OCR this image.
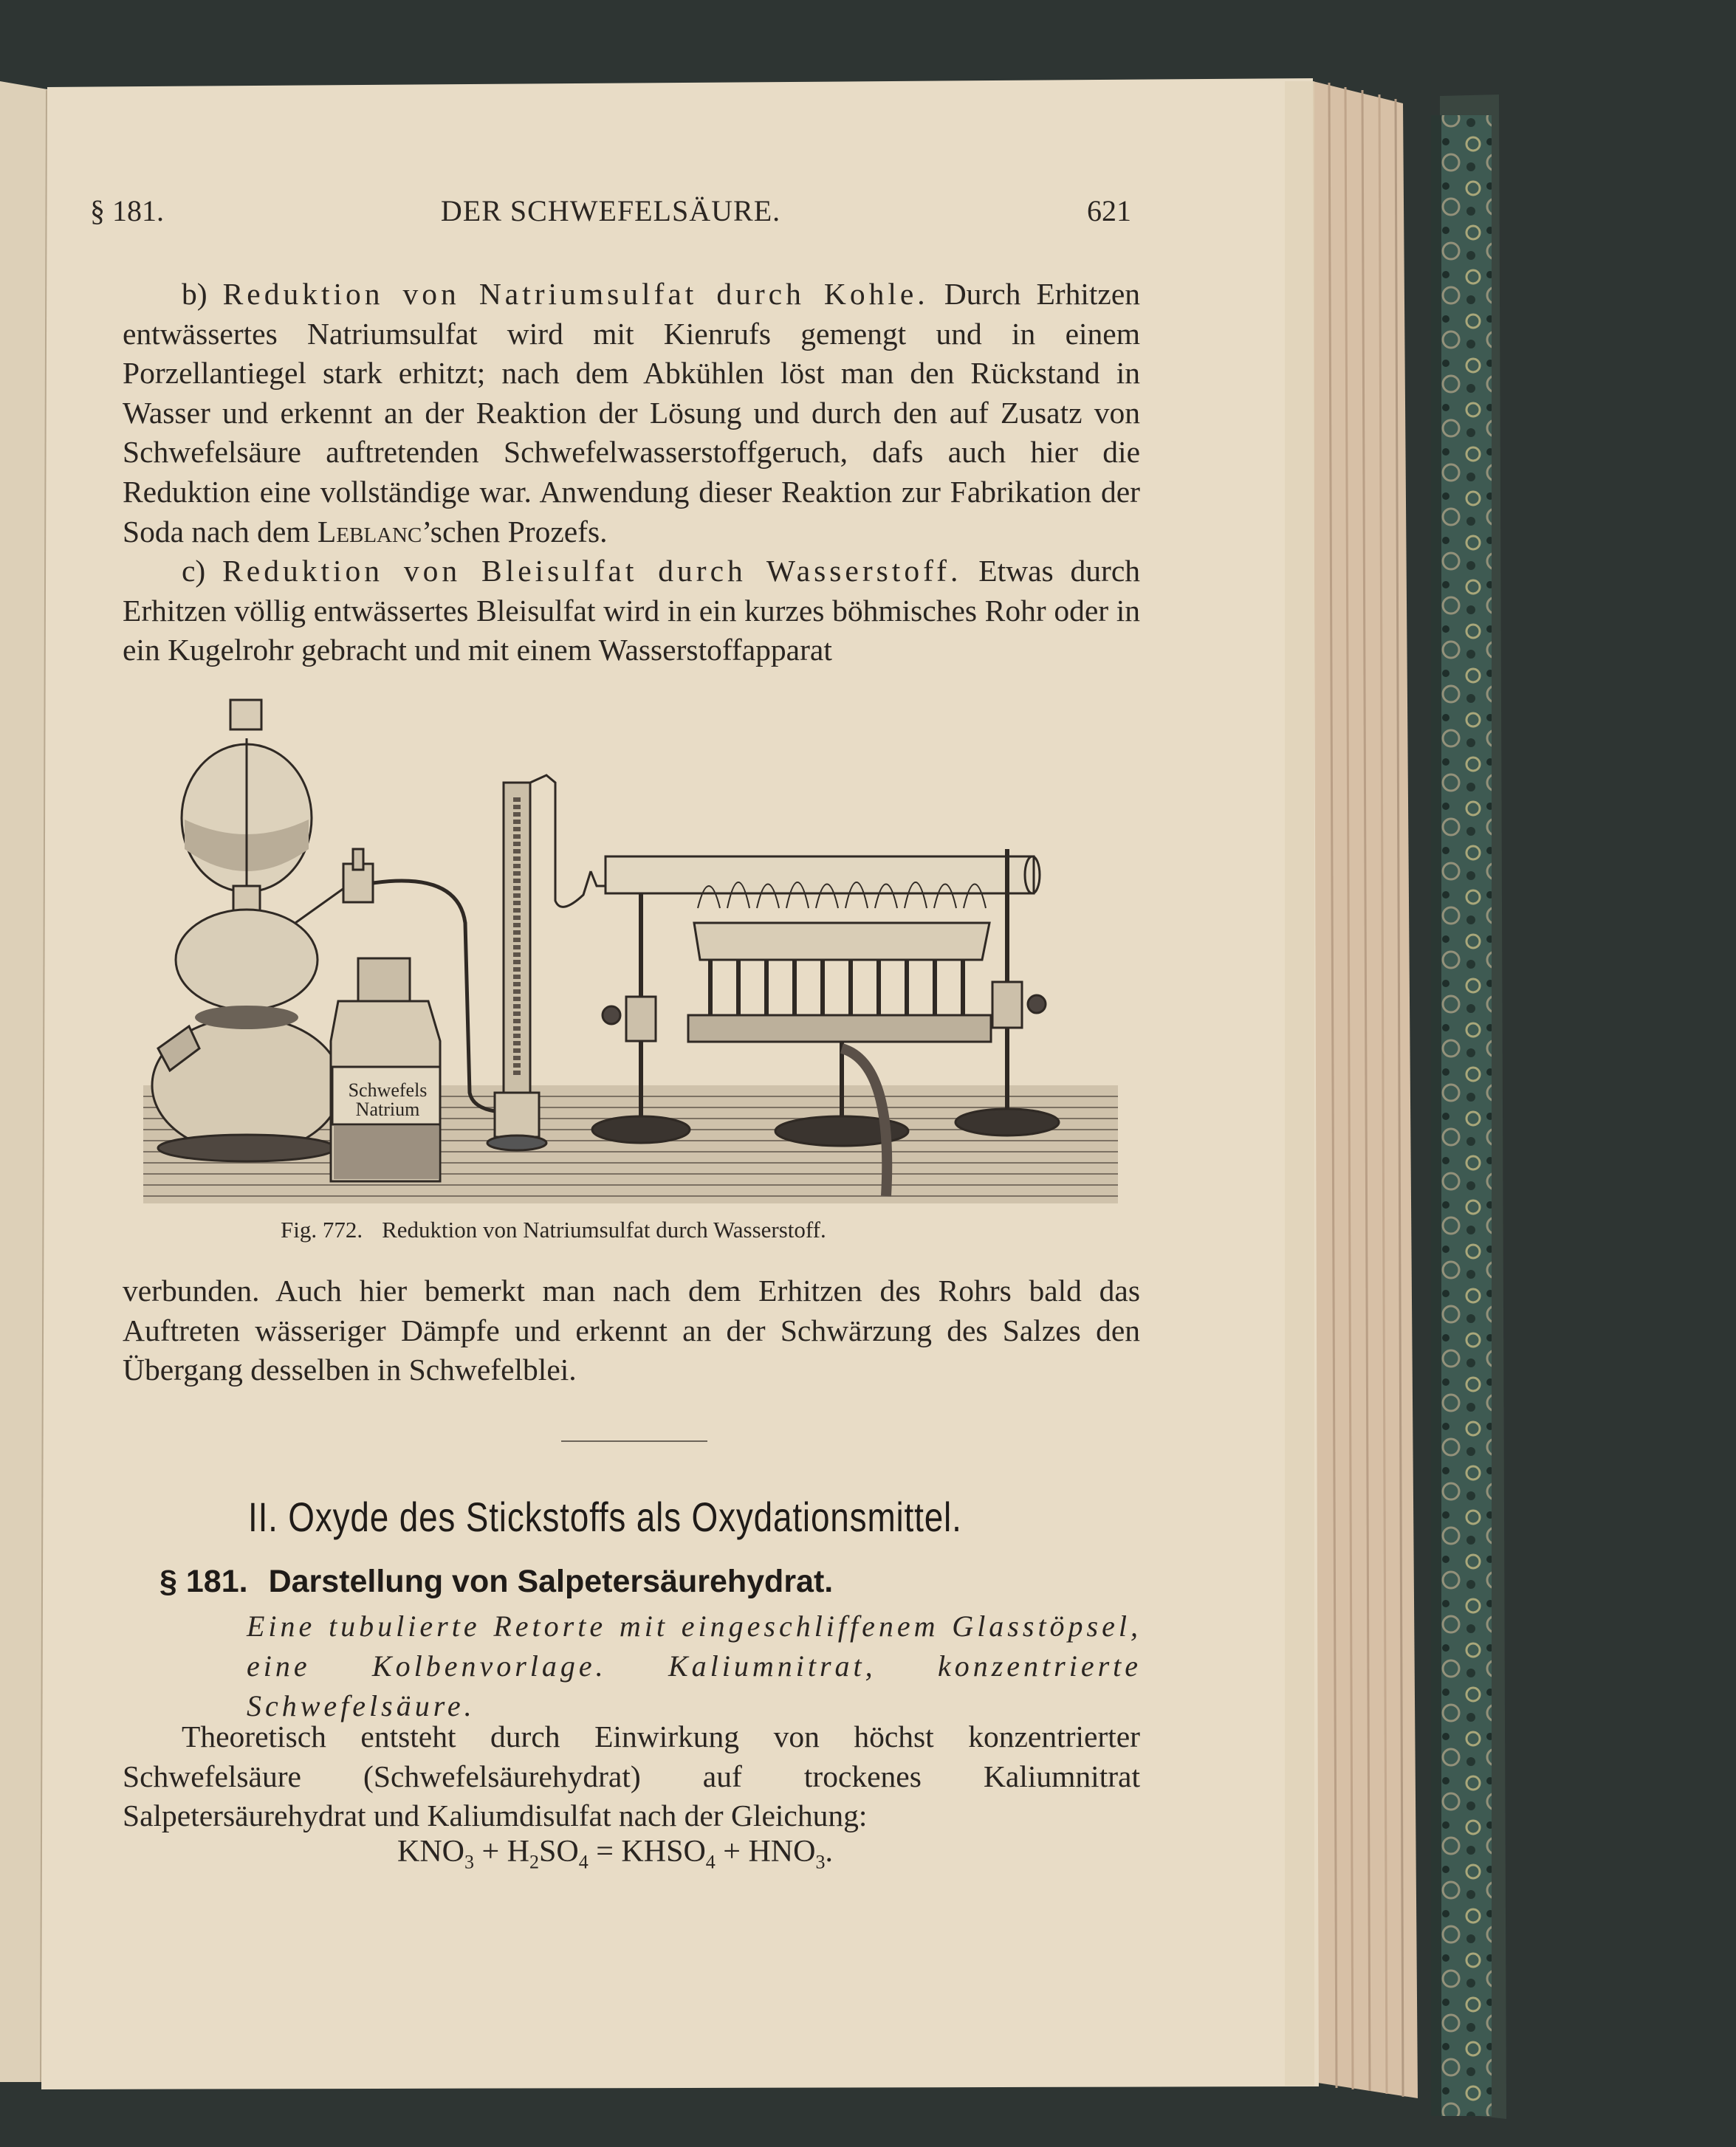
§ 181.	DER SCHWEFELSÄURE.	621

b) Reduktion von Natriumsulfat durch Kohle. Durch Erhitzen entwässertes Natriumsulfat wird mit Kienrufs gemengt und in einem Porzellantiegel stark erhitzt; nach dem Abkühlen löst man den Rückstand in Wasser und erkennt an der Reaktion der Lösung und durch den auf Zusatz von Schwefelsäure auftretenden Schwefelwasserstoffgeruch, dafs auch hier die Reduktion eine vollständige war. Anwendung dieser Reaktion zur Fabrikation der Soda nach dem Leblanc’schen Prozefs.

c) Reduktion von Bleisulfat durch Wasserstoff. Etwas durch Erhitzen völlig entwässertes Bleisulfat wird in ein kurzes böhmisches Rohr oder in ein Kugelrohr gebracht und mit einem Wasserstoffapparat

Schwefels
Natrium
Fig. 772. Reduktion von Natriumsulfat durch Wasserstoff.

verbunden. Auch hier bemerkt man nach dem Erhitzen des Rohrs bald das Auftreten wässeriger Dämpfe und erkennt an der Schwärzung des Salzes den Übergang desselben in Schwefelblei.

II. Oxyde des Stickstoffs als Oxydationsmittel.
§ 181. Darstellung von Salpetersäurehydrat.
Eine tubulierte Retorte mit eingeschliffenem Glasstöpsel, eine Kolbenvorlage. Kaliumnitrat, konzentrierte Schwefelsäure.

Theoretisch entsteht durch Einwirkung von höchst konzentrierter Schwefelsäure (Schwefelsäurehydrat) auf trockenes Kaliumnitrat Salpetersäurehydrat und Kaliumdisulfat nach der Gleichung:

$KNO_3 + H_2SO_4$ = $KHSO_4 + HNO_3$.
